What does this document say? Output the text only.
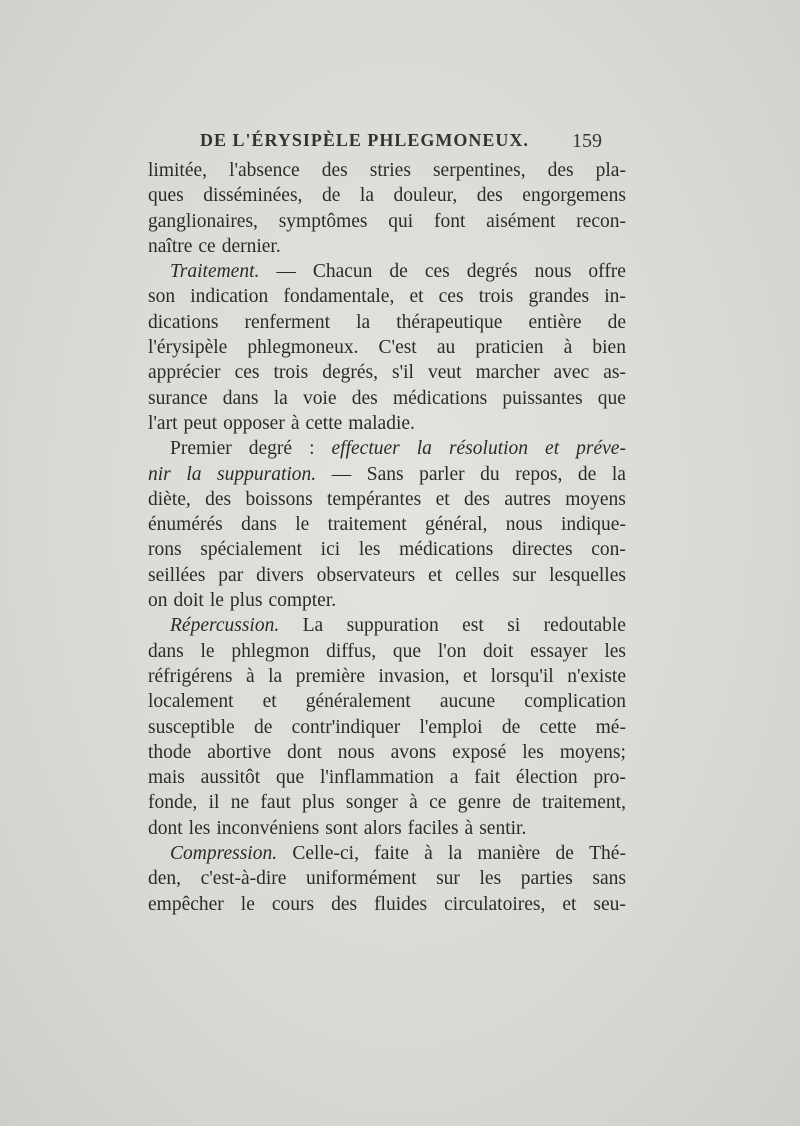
DE L'ÉRYSIPÈLE PHLEGMONEUX. 159
limitée, l'absence des stries serpentines, des pla-
ques disséminées, de la douleur, des engorgemens
ganglionaires, symptômes qui font aisément recon-
naître ce dernier.
Traitement. — Chacun de ces degrés nous offre
son indication fondamentale, et ces trois grandes in-
dications renferment la thérapeutique entière de
l'érysipèle phlegmoneux. C'est au praticien à bien
apprécier ces trois degrés, s'il veut marcher avec as-
surance dans la voie des médications puissantes que
l'art peut opposer à cette maladie.
Premier degré : effectuer la résolution et préve-
nir la suppuration. — Sans parler du repos, de la
diète, des boissons tempérantes et des autres moyens
énumérés dans le traitement général, nous indique-
rons spécialement ici les médications directes con-
seillées par divers observateurs et celles sur lesquelles
on doit le plus compter.
Répercussion. La suppuration est si redoutable
dans le phlegmon diffus, que l'on doit essayer les
réfrigérens à la première invasion, et lorsqu'il n'existe
localement et généralement aucune complication
susceptible de contr'indiquer l'emploi de cette mé-
thode abortive dont nous avons exposé les moyens;
mais aussitôt que l'inflammation a fait élection pro-
fonde, il ne faut plus songer à ce genre de traitement,
dont les inconvéniens sont alors faciles à sentir.
Compression. Celle-ci, faite à la manière de Thé-
den, c'est-à-dire uniformément sur les parties sans
empêcher le cours des fluides circulatoires, et seu-
